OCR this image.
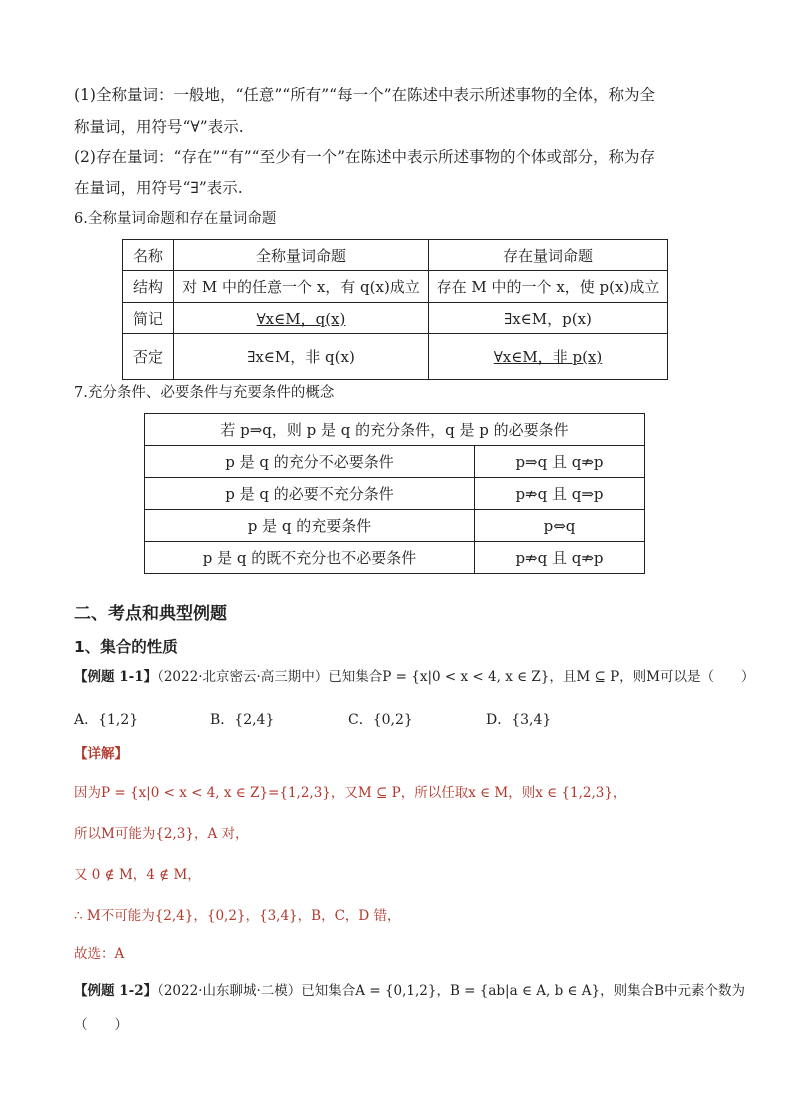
(1)全称量词：一般地，“任意”“所有”“每一个”在陈述中表示所述事物的全体，称为全
称量词，用符号“∀”表示.
(2)存在量词：“存在”“有”“至少有一个”在陈述中表示所述事物的个体或部分，称为存
在量词，用符号“∃”表示.
6.全称量词命题和存在量词命题
名称	全称量词命题	存在量词命题
结构	对 M 中的任意一个 x，有 q(x)成立	存在 M 中的一个 x，使 p(x)成立
简记	∀x∈M，q(x)	∃x∈M，p(x)
否定	∃x∈M，非 q(x)	∀x∈M，非 p(x)
7.充分条件、必要条件与充要条件的概念
若 p⇒q，则 p 是 q 的充分条件，q 是 p 的必要条件	
p 是 q 的充分不必要条件	p⇒q 且 q⇏p
p 是 q 的必要不充分条件	p⇏q 且 q⇒p
p 是 q 的充要条件	p⇔q
p 是 q 的既不充分也不必要条件	p⇏q 且 q⇏p
二、考点和典型例题
1、集合的性质
【例题 1-1】（2022·北京密云·高三期中）已知集合P = {x|0 < x < 4, x ∈ Z}，且M ⊆ P，则M可以是（　　）
A．{1,2}	B．{2,4}	C．{0,2}	D．{3,4}
【详解】
因为P = {x|0 < x < 4, x ∈ Z}={1,2,3}，又M ⊆ P，所以任取x ∈ M，则x ∈ {1,2,3}，
所以M可能为{2,3}，A 对，
又 0 ∉ M，4 ∉ M，
∴ M不可能为{2,4}，{0,2}，{3,4}，B，C，D 错，
故选：A
【例题 1-2】（2022·山东聊城·二模）已知集合A = {0,1,2}，B = {ab|a ∈ A, b ∈ A}，则集合B中元素个数为
（　　）
